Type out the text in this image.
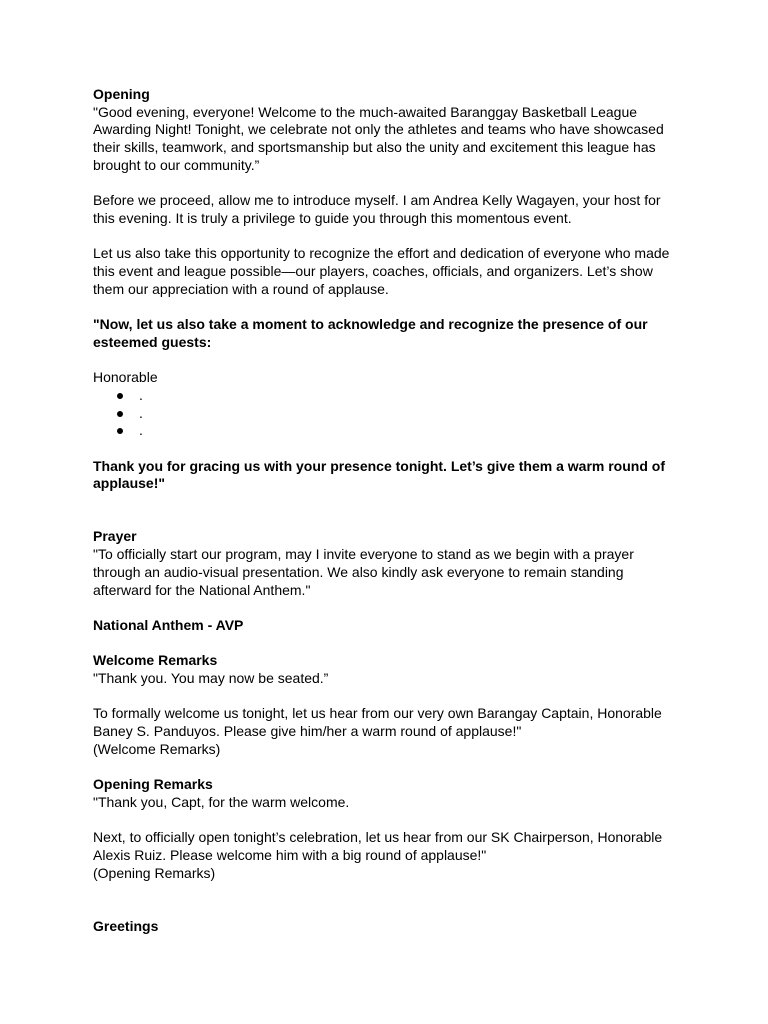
Opening

"Good evening, everyone! Welcome to the much-awaited Baranggay Basketball League Awarding Night! Tonight, we celebrate not only the athletes and teams who have showcased their skills, teamwork, and sportsmanship but also the unity and excitement this league has brought to our community.”

Before we proceed, allow me to introduce myself. I am Andrea Kelly Wagayen, your host for this evening. It is truly a privilege to guide you through this momentous event.

Let us also take this opportunity to recognize the effort and dedication of everyone who made this event and league possible—our players, coaches, officials, and organizers. Let’s show them our appreciation with a round of applause.

"Now, let us also take a moment to acknowledge and recognize the presence of our esteemed guests:

Honorable

.
.
.

Thank you for gracing us with your presence tonight. Let’s give them a warm round of applause!"

Prayer

"To officially start our program, may I invite everyone to stand as we begin with a prayer through an audio-visual presentation. We also kindly ask everyone to remain standing afterward for the National Anthem."

National Anthem - AVP

Welcome Remarks

"Thank you. You may now be seated.”

To formally welcome us tonight, let us hear from our very own Barangay Captain, Honorable Baney S. Panduyos. Please give him/her a warm round of applause!"

(Welcome Remarks)

Opening Remarks

"Thank you, Capt, for the warm welcome.

Next, to officially open tonight’s celebration, let us hear from our SK Chairperson, Honorable Alexis Ruiz. Please welcome him with a big round of applause!"

(Opening Remarks)

Greetings
